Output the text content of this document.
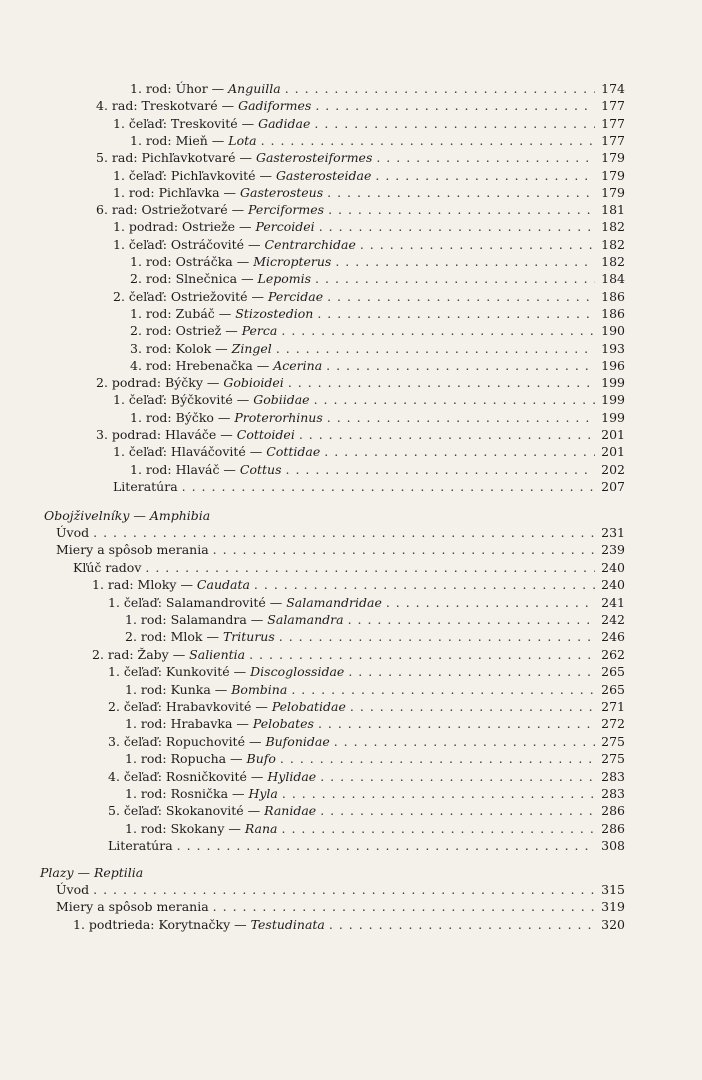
1. rod: Úhor — Anguilla . . .	174
4. rad: Treskotvaré — Gadiformes . . .	177
1. čeľaď: Treskovité — Gadidae . . .	177
1. rod: Mieň — Lota . . .	177
5. rad: Pichľavkotvaré — Gasterosteiformes . . .	179
1. čeľaď: Pichľavkovité — Gasterosteidae . . .	179
1. rod: Pichľavka — Gasterosteus . . .	179
6. rad: Ostriežotvaré — Perciformes . . .	181
1. podrad: Ostrieže — Percoidei . . .	182
1. čeľaď: Ostráčovité — Centrarchidae . . .	182
1. rod: Ostráčka — Micropterus . . .	182
2. rod: Slnečnica — Lepomis . . .	184
2. čeľaď: Ostriežovité — Percidae . . .	186
1. rod: Zubáč — Stizostedion . . .	186
2. rod: Ostriež — Perca . . .	190
3. rod: Kolok — Zingel . . .	193
4. rod: Hrebenačka — Acerina . . .	196
2. podrad: Býčky — Gobioidei . . .	199
1. čeľaď: Býčkovité — Gobiidae . . .	199
1. rod: Býčko — Proterorhinus . . .	199
3. podrad: Hlaváče — Cottoidei . . .	201
1. čeľaď: Hlaváčovité — Cottidae . . .	201
1. rod: Hlaváč — Cottus . . .	202
Literatúra . . .	207
Obojživelníky — Amphibia
Úvod . . .	231
Miery a spôsob merania . . .	239
Kľúč radov . . .	240
1. rad: Mloky — Caudata . . .	240
1. čeľaď: Salamandrovité — Salamandridae . . .	241
1. rod: Salamandra — Salamandra . . .	242
2. rod: Mlok — Triturus . . .	246
2. rad: Žaby — Salientia . . .	262
1. čeľaď: Kunkovité — Discoglossidae . . .	265
1. rod: Kunka — Bombina . . .	265
2. čeľaď: Hrabavkovité — Pelobatidae . . .	271
1. rod: Hrabavka — Pelobates . . .	272
3. čeľaď: Ropuchovité — Bufonidae . . .	275
1. rod: Ropucha — Bufo . . .	275
4. čeľaď: Rosničkovité — Hylidae . . .	283
1. rod: Rosnička — Hyla . . .	283
5. čeľaď: Skokanovité — Ranidae . . .	286
1. rod: Skokany — Rana . . .	286
Literatúra . . .	308
Plazy — Reptilia
Úvod . . .	315
Miery a spôsob merania . . .	319
1. podtrieda: Korytnačky — Testudinata . . .	320
